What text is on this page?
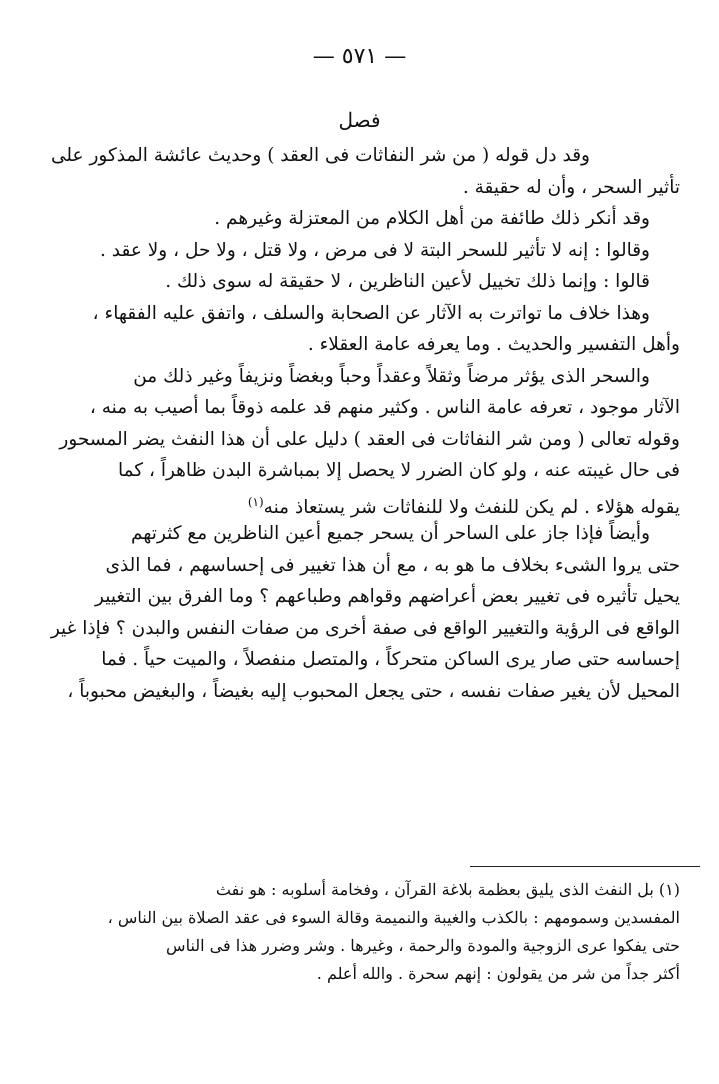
— ٥٧١ —
فصل
وقد دل قوله ( من شر النفاثات فى العقد ) وحديث عائشة المذكور على
تأثير السحر ، وأن له حقيقة .
وقد أنكر ذلك طائفة من أهل الكلام من المعتزلة وغيرهم .
وقالوا : إنه لا تأثير للسحر البتة لا فى مرض ، ولا قتل ، ولا حل ، ولا عقد .
قالوا : وإنما ذلك تخييل لأعين الناظرين ، لا حقيقة له سوى ذلك .
وهذا خلاف ما تواترت به الآثار عن الصحابة والسلف ، واتفق عليه الفقهاء ،
وأهل التفسير والحديث . وما يعرفه عامة العقلاء .
والسحر الذى يؤثر مرضاً وثقلاً وعقداً وحباً وبغضاً ونزيفاً وغير ذلك من
الآثار موجود ، تعرفه عامة الناس . وكثير منهم قد علمه ذوقاً بما أصيب به منه ،
وقوله تعالى ( ومن شر النفاثات فى العقد ) دليل على أن هذا النفث يضر المسحور
فى حال غيبته عنه ، ولو كان الضرر لا يحصل إلا بمباشرة البدن ظاهراً ، كما
يقوله هؤلاء . لم يكن للنفث ولا للنفاثات شر يستعاذ منه$^{(١)}$
وأيضاً فإذا جاز على الساحر أن يسحر جميع أعين الناظرين مع كثرتهم
حتى يروا الشىء بخلاف ما هو به ، مع أن هذا تغيير فى إحساسهم ، فما الذى
يحيل تأثيره فى تغيير بعض أعراضهم وقواهم وطباعهم ؟ وما الفرق بين التغيير
الواقع فى الرؤية والتغيير الواقع فى صفة أخرى من صفات النفس والبدن ؟ فإذا غير
إحساسه حتى صار يرى الساكن متحركاً ، والمتصل منفصلاً ، والميت حياً . فما
المحيل لأن يغير صفات نفسه ، حتى يجعل المحبوب إليه بغيضاً ، والبغيض محبوباً ،
(١) بل النفث الذى يليق بعظمة بلاغة القرآن ، وفخامة أسلوبه : هو نفث
المفسدين وسمومهم : بالكذب والغيبة والنميمة وقالة السوء فى عقد الصلاة بين الناس ،
حتى يفكوا عرى الزوجية والمودة والرحمة ، وغيرها . وشر وضرر هذا فى الناس
أكثر جداً من شر من يقولون : إنهم سحرة . والله أعلم .
